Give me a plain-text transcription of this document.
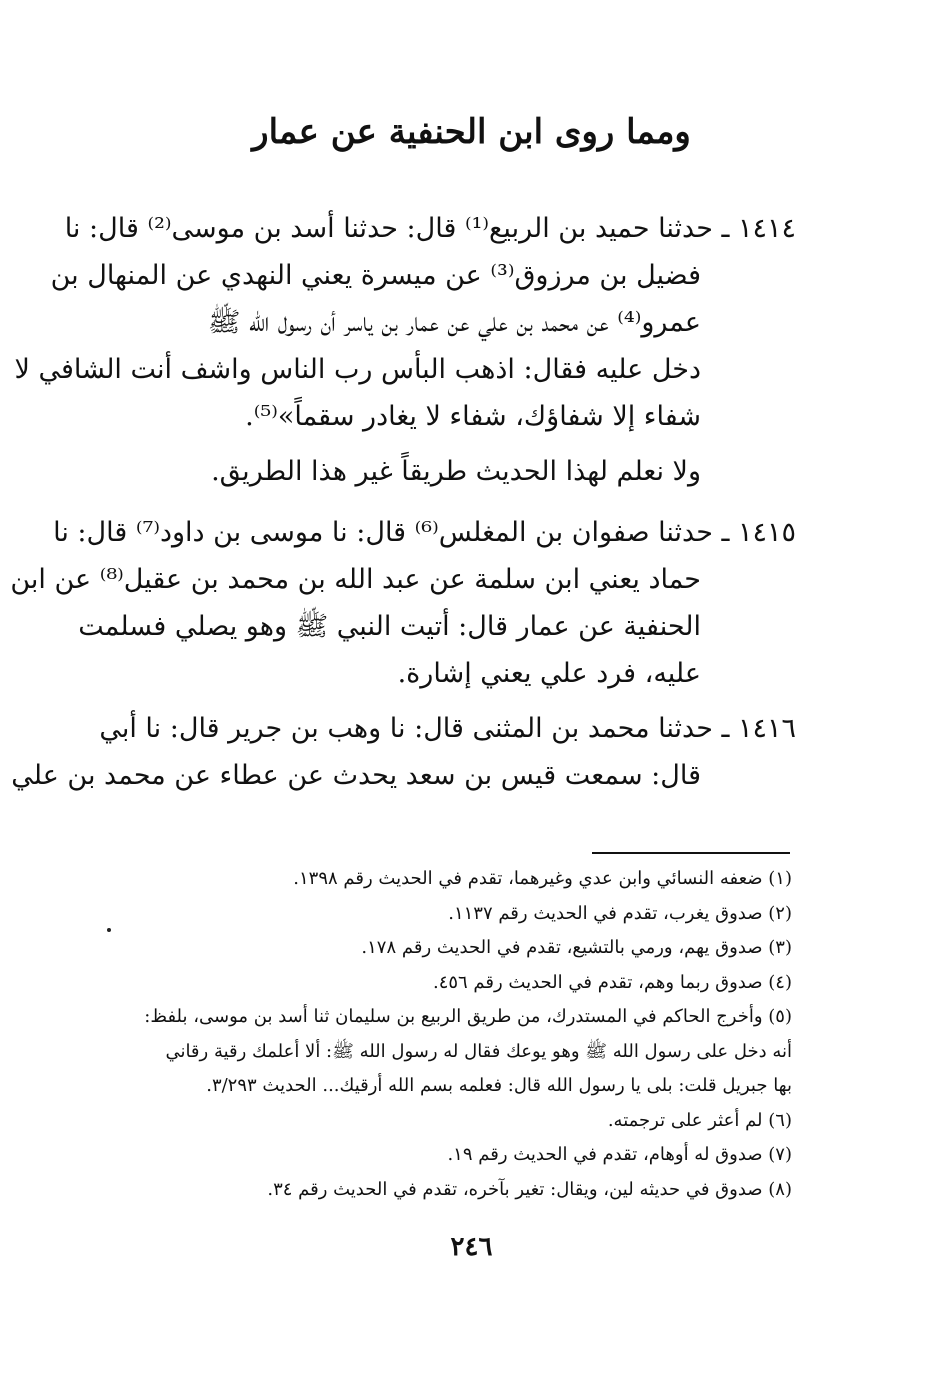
ومما روى ابن الحنفية عن عمار
١٤١٤ ـ حدثنا حميد بن الربيع⁽¹⁾ قال: حدثنا أسد بن موسى⁽²⁾ قال: نا
فضيل بن مرزوق⁽³⁾ عن ميسرة يعني النهدي عن المنهال بن
عمرو⁽⁴⁾ عن محمد بن علي عن عمار بن ياسر أن رسول الله ﷺ
دخل عليه فقال: اذهب البأس رب الناس واشف أنت الشافي لا
شفاء إلا شفاؤك، شفاء لا يغادر سقماً»⁽⁵⁾.
ولا نعلم لهذا الحديث طريقاً غير هذا الطريق.
١٤١٥ ـ حدثنا صفوان بن المغلس⁽⁶⁾ قال: نا موسى بن داود⁽⁷⁾ قال: نا
حماد يعني ابن سلمة عن عبد الله بن محمد بن عقيل⁽⁸⁾ عن ابن
الحنفية عن عمار قال: أتيت النبي ﷺ وهو يصلي فسلمت
عليه، فرد علي يعني إشارة.
١٤١٦ ـ حدثنا محمد بن المثنى قال: نا وهب بن جرير قال: نا أبي
قال: سمعت قيس بن سعد يحدث عن عطاء عن محمد بن علي
(١) ضعفه النسائي وابن عدي وغيرهما، تقدم في الحديث رقم ١٣٩٨.
(٢) صدوق يغرب، تقدم في الحديث رقم ١١٣٧.
(٣) صدوق يهم، ورمي بالتشيع، تقدم في الحديث رقم ١٧٨.
(٤) صدوق ربما وهم، تقدم في الحديث رقم ٤٥٦.
(٥) وأخرج الحاكم في المستدرك، من طريق الربيع بن سليمان ثنا أسد بن موسى، بلفظ:
أنه دخل على رسول الله ﷺ وهو يوعك فقال له رسول الله ﷺ: ألا أعلمك رقية رقاني
بها جبريل قلت: بلى يا رسول الله قال: فعلمه بسم الله أرقيك... الحديث ٣/٢٩٣.
(٦) لم أعثر على ترجمته.
(٧) صدوق له أوهام، تقدم في الحديث رقم ١٩.
(٨) صدوق في حديثه لين، ويقال: تغير بآخره، تقدم في الحديث رقم ٣٤.
٢٤٦
